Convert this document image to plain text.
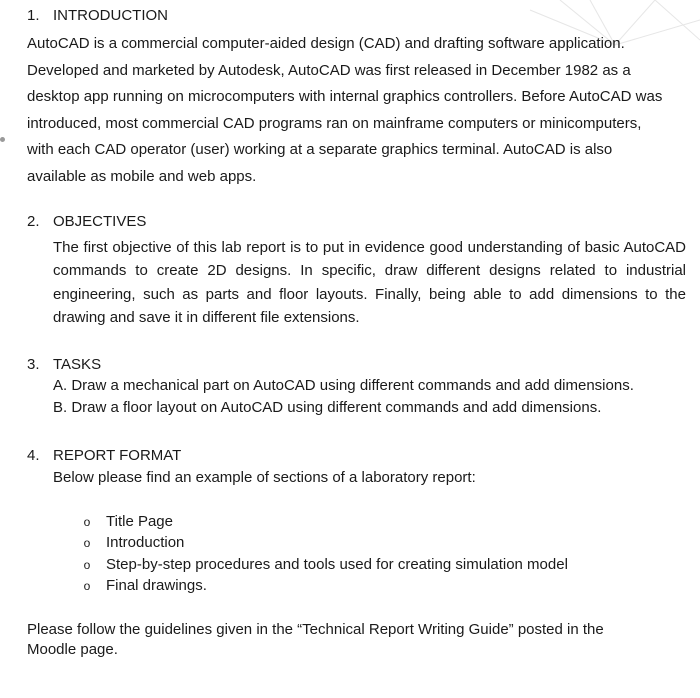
1. INTRODUCTION

AutoCAD is a commercial computer-aided design (CAD) and drafting software application. Developed and marketed by Autodesk, AutoCAD was first released in December 1982 as a desktop app running on microcomputers with internal graphics controllers. Before AutoCAD was introduced, most commercial CAD programs ran on mainframe computers or minicomputers, with each CAD operator (user) working at a separate graphics terminal. AutoCAD is also available as mobile and web apps.

2. OBJECTIVES

The first objective of this lab report is to put in evidence good understanding of basic AutoCAD commands to create 2D designs. In specific, draw different designs related to industrial engineering, such as parts and floor layouts. Finally, being able to add dimensions to the drawing and save it in different file extensions.

3. TASKS
A. Draw a mechanical part on AutoCAD using different commands and add dimensions.
B. Draw a floor layout on AutoCAD using different commands and add dimensions.
4. REPORT FORMAT
Below please find an example of sections of a laboratory report:
o Title Page
o Introduction
o Step-by-step procedures and tools used for creating simulation model
o Final drawings.

Please follow the guidelines given in the “Technical Report Writing Guide” posted in the Moodle page.
